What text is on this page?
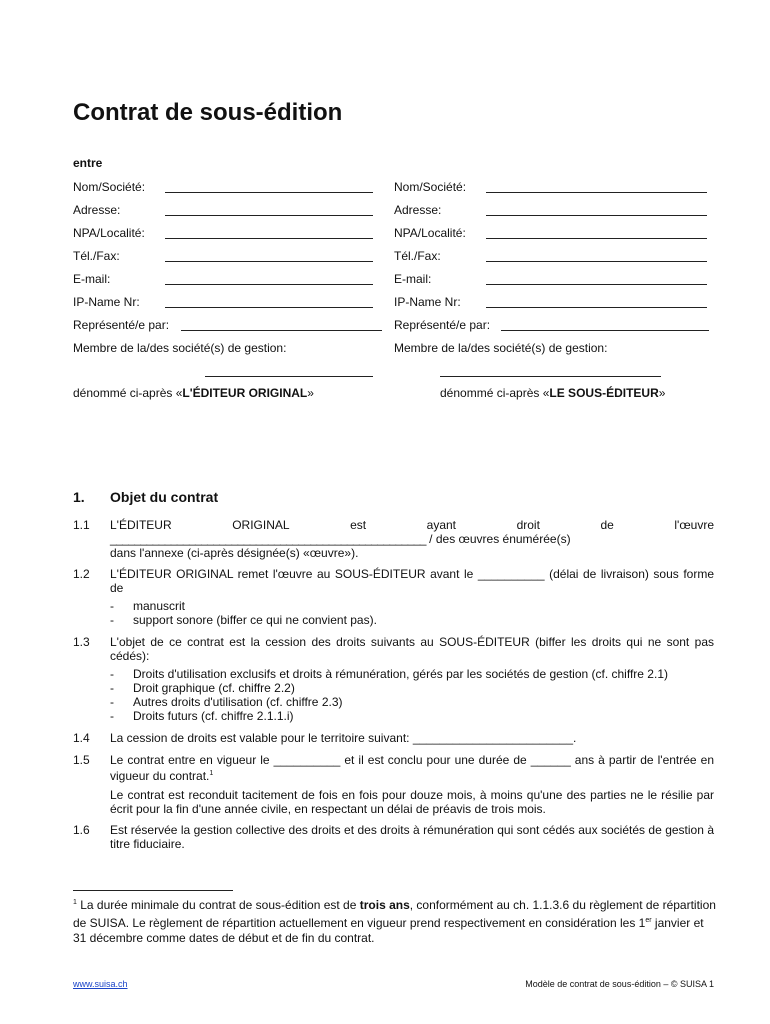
Contrat de sous-édition
entre
Nom/Société:
Adresse:
NPA/Localité:
Tél./Fax:
E-mail:
IP-Name Nr:
Représenté/e par:
Membre de la/des société(s) de gestion:
dénommé ci-après «L'ÉDITEUR ORIGINAL»
Nom/Société:
Adresse:
NPA/Localité:
Tél./Fax:
E-mail:
IP-Name Nr:
Représenté/e par:
Membre de la/des société(s) de gestion:
dénommé ci-après «LE SOUS-ÉDITEUR»
1. Objet du contrat
1.1 L'ÉDITEUR	ORIGINAL	est	ayant	droit	de	l'œuvre
____________________________________________________ / des œuvres énumérée(s)
dans l'annexe (ci-après désignée(s) «œuvre»).
1.2 L'ÉDITEUR ORIGINAL remet l'œuvre au SOUS-ÉDITEUR avant le __________ (délai de livraison) sous forme de
- manuscrit
- support sonore (biffer ce qui ne convient pas).
1.3 L'objet de ce contrat est la cession des droits suivants au SOUS-ÉDITEUR (biffer les droits qui ne sont pas cédés):
- Droits d'utilisation exclusifs et droits à rémunération, gérés par les sociétés de gestion (cf. chiffre 2.1)
- Droit graphique (cf. chiffre 2.2)
- Autres droits d'utilisation (cf. chiffre 2.3)
- Droits futurs (cf. chiffre 2.1.1.i)
1.4 La cession de droits est valable pour le territoire suivant: ________________________.
1.5 Le contrat entre en vigueur le __________ et il est conclu pour une durée de ______ ans à partir de l'entrée en vigueur du contrat.$^1$
Le contrat est reconduit tacitement de fois en fois pour douze mois, à moins qu'une des parties ne le résilie par écrit pour la fin d'une année civile, en respectant un délai de préavis de trois mois.
1.6 Est réservée la gestion collective des droits et des droits à rémunération qui sont cédés aux sociétés de gestion à titre fiduciaire.
$^1$ La durée minimale du contrat de sous-édition est de trois ans, conformément au ch. 1.1.3.6 du règlement de répartition de SUISA. Le règlement de répartition actuellement en vigueur prend respectivement en considération les 1er janvier et 31 décembre comme dates de début et de fin du contrat.
www.suisa.ch	Modèle de contrat de sous-édition – © SUISA 1
